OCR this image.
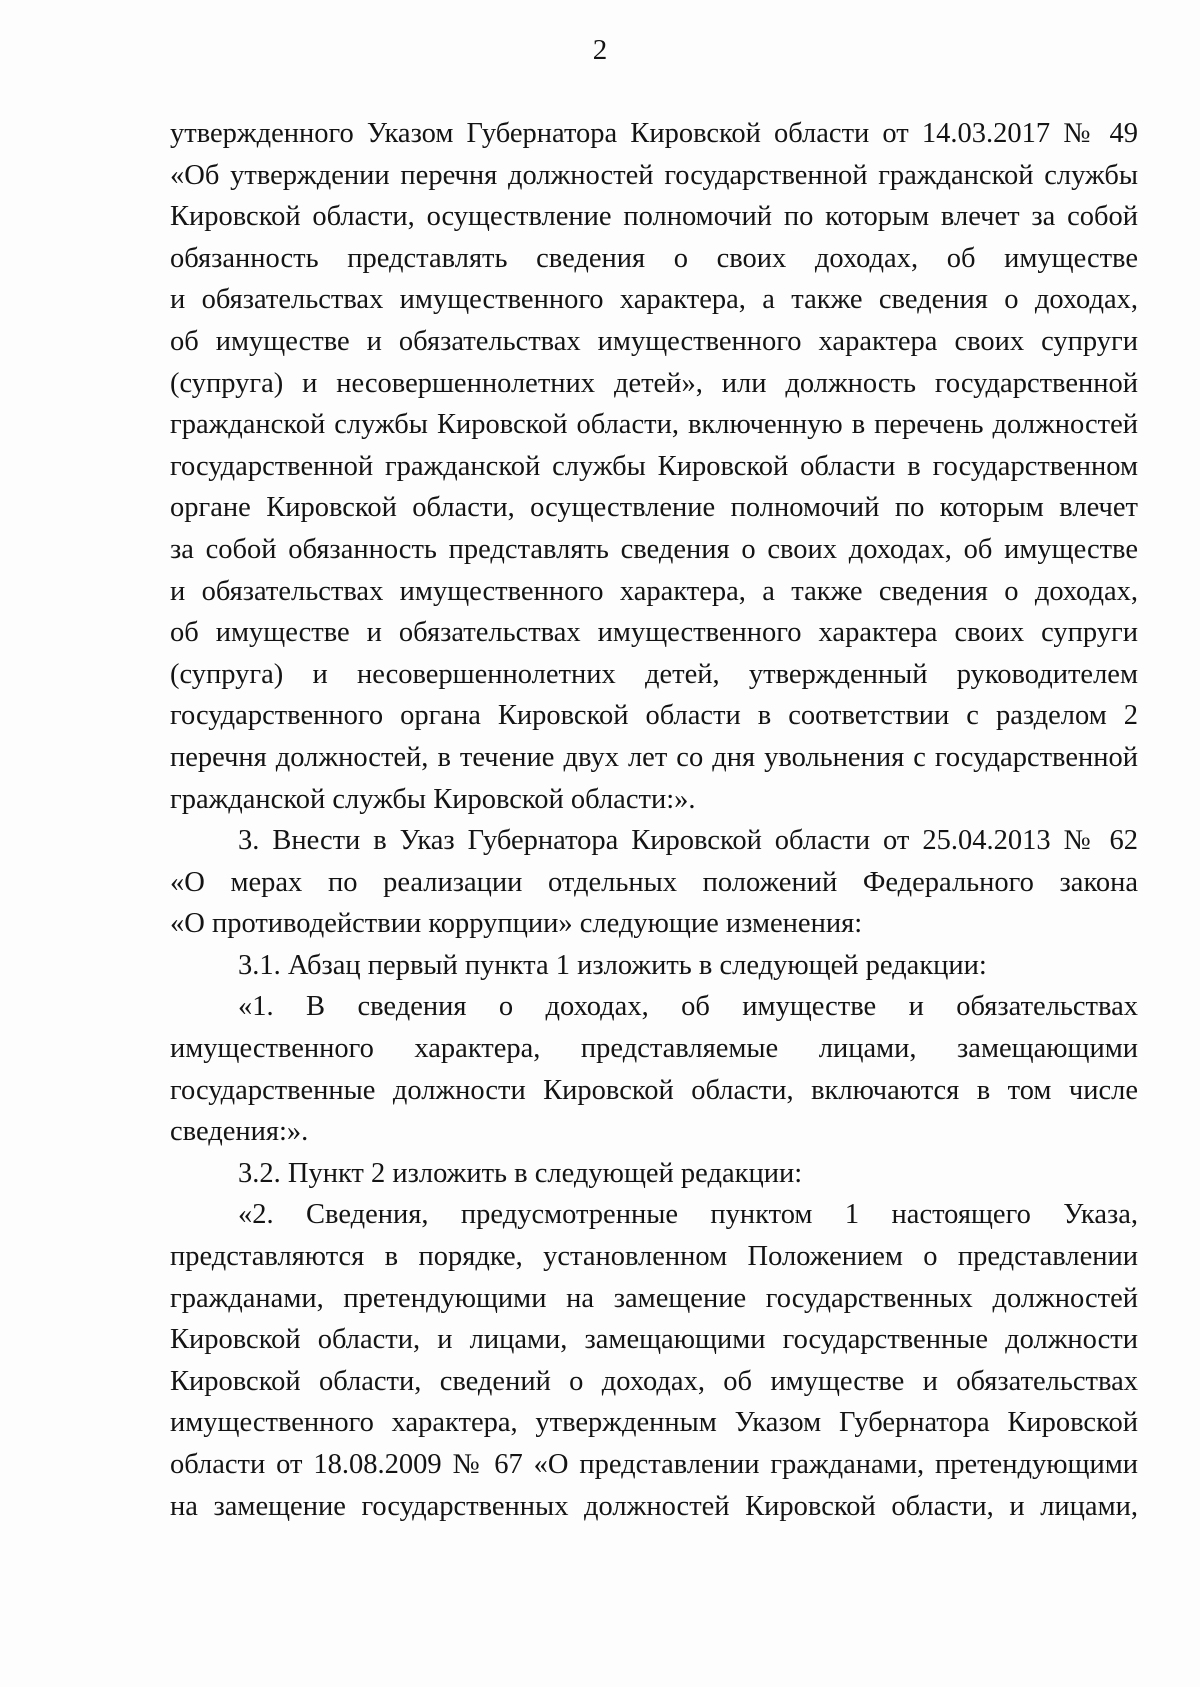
2
утвержденного Указом Губернатора Кировской области от 14.03.2017 № 49
«Об утверждении перечня должностей государственной гражданской службы
Кировской области, осуществление полномочий по которым влечет за собой
обязанность представлять сведения о своих доходах, об имуществе
и обязательствах имущественного характера, а также сведения о доходах,
об имуществе и обязательствах имущественного характера своих супруги
(супруга) и несовершеннолетних детей», или должность государственной
гражданской службы Кировской области, включенную в перечень должностей
государственной гражданской службы Кировской области в государственном
органе Кировской области, осуществление полномочий по которым влечет
за собой обязанность представлять сведения о своих доходах, об имуществе
и обязательствах имущественного характера, а также сведения о доходах,
об имуществе и обязательствах имущественного характера своих супруги
(супруга) и несовершеннолетних детей, утвержденный руководителем
государственного органа Кировской области в соответствии с разделом 2
перечня должностей, в течение двух лет со дня увольнения с государственной
гражданской службы Кировской области:».
3. Внести в Указ Губернатора Кировской области от 25.04.2013 № 62
«О мерах по реализации отдельных положений Федерального закона
«О противодействии коррупции» следующие изменения:
3.1. Абзац первый пункта 1 изложить в следующей редакции:
«1. В сведения о доходах, об имуществе и обязательствах
имущественного характера, представляемые лицами, замещающими
государственные должности Кировской области, включаются в том числе
сведения:».
3.2. Пункт 2 изложить в следующей редакции:
«2. Сведения, предусмотренные пунктом 1 настоящего Указа,
представляются в порядке, установленном Положением о представлении
гражданами, претендующими на замещение государственных должностей
Кировской области, и лицами, замещающими государственные должности
Кировской области, сведений о доходах, об имуществе и обязательствах
имущественного характера, утвержденным Указом Губернатора Кировской
области от 18.08.2009 № 67 «О представлении гражданами, претендующими
на замещение государственных должностей Кировской области, и лицами,
